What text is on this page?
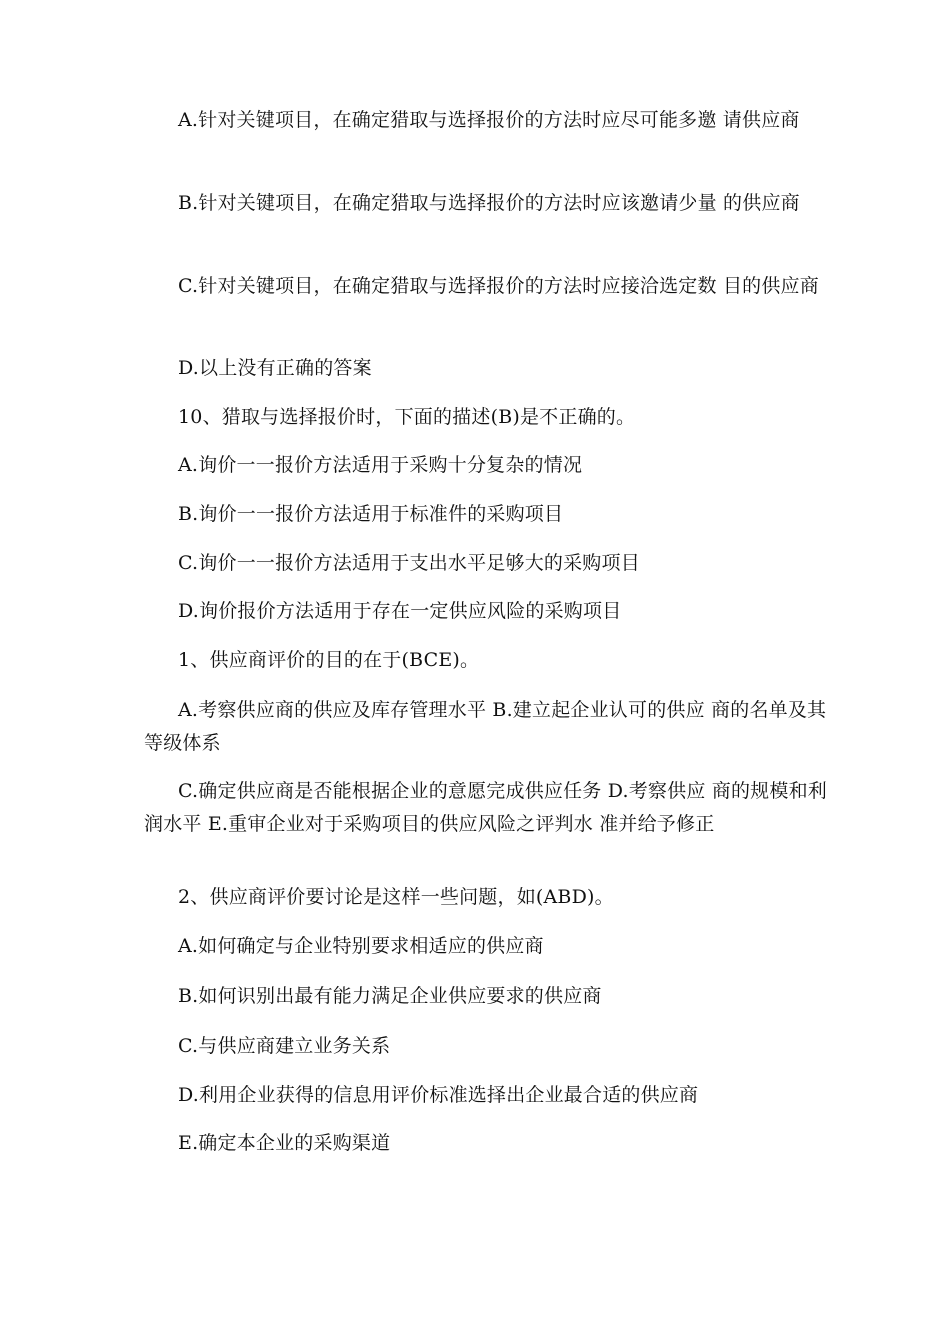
A.针对关键项目，在确定猎取与选择报价的方法时应尽可能多邀 请供应商
B.针对关键项目，在确定猎取与选择报价的方法时应该邀请少量 的供应商
C.针对关键项目，在确定猎取与选择报价的方法时应接洽选定数 目的供应商
D.以上没有正确的答案
10、猎取与选择报价时，下面的描述(B)是不正确的。
A.询价一一报价方法适用于采购十分复杂的情况
B.询价一一报价方法适用于标准件的采购项目
C.询价一一报价方法适用于支出水平足够大的采购项目
D.询价报价方法适用于存在一定供应风险的采购项目
1、供应商评价的目的在于(BCE)。
A.考察供应商的供应及库存管理水平 B.建立起企业认可的供应 商的名单及其等级体系
C.确定供应商是否能根据企业的意愿完成供应任务 D.考察供应 商的规模和利润水平 E.重审企业对于采购项目的供应风险之评判水 准并给予修正
2、供应商评价要讨论是这样一些问题，如(ABD)。
A.如何确定与企业特别要求相适应的供应商
B.如何识别出最有能力满足企业供应要求的供应商
C.与供应商建立业务关系
D.利用企业获得的信息用评价标准选择出企业最合适的供应商
E.确定本企业的采购渠道
